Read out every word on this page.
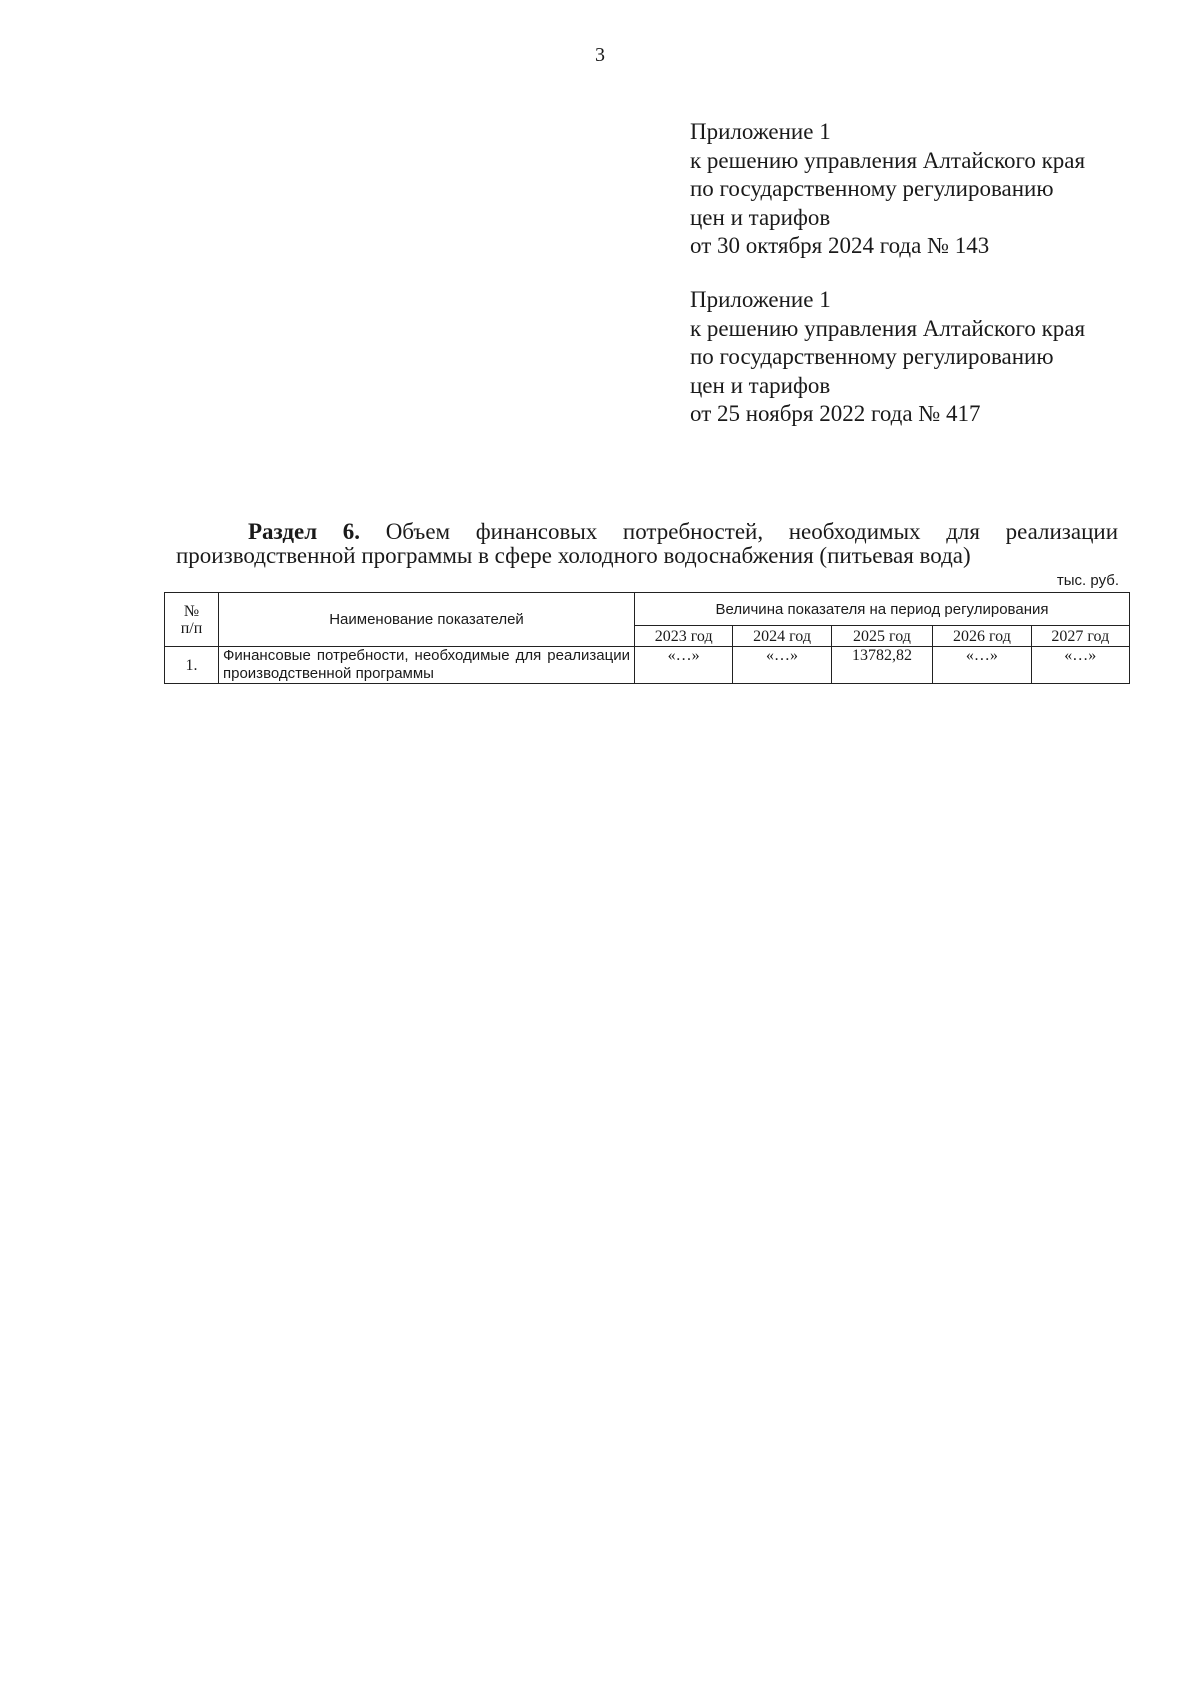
3
Приложение 1
к решению управления Алтайского края
по государственному регулированию
цен и тарифов
от 30 октября 2024 года № 143
Приложение 1
к решению управления Алтайского края
по государственному регулированию
цен и тарифов
от 25 ноября 2022 года № 417
Раздел 6. Объем финансовых потребностей, необходимых для реализации
производственной программы в сфере холодного водоснабжения (питьевая вода)
тыс. руб.
№
п/п	Наименование показателей	Величина показателя на период регулирования				
		2023 год	2024 год	2025 год	2026 год	2027 год
1.	Финансовые потребности, необходимые для реализации производственной программы	«…»	«…»	13782,82	«…»	«…»
